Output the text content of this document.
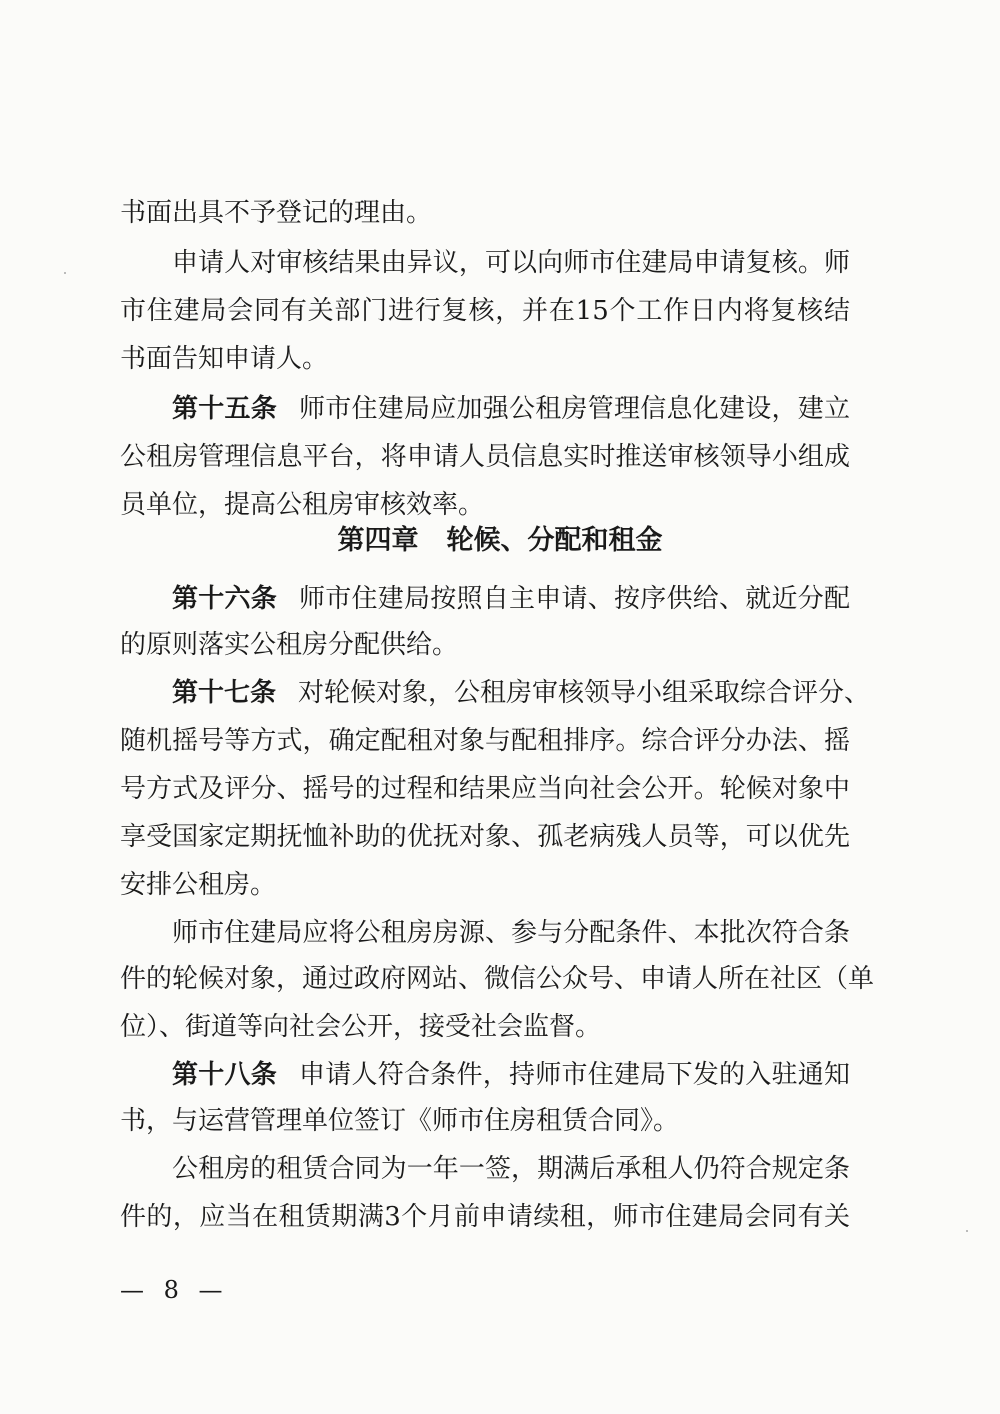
书面出具不予登记的理由。
申请人对审核结果由异议，可以向师市住建局申请复核。师
市住建局会同有关部门进行复核，并在15个工作日内将复核结
书面告知申请人。
第十五条 师市住建局应加强公租房管理信息化建设，建立
公租房管理信息平台，将申请人员信息实时推送审核领导小组成
员单位，提高公租房审核效率。
第四章 轮候、分配和租金
第十六条 师市住建局按照自主申请、按序供给、就近分配
的原则落实公租房分配供给。
第十七条 对轮候对象，公租房审核领导小组采取综合评分、
随机摇号等方式，确定配租对象与配租排序。综合评分办法、摇
号方式及评分、摇号的过程和结果应当向社会公开。轮候对象中
享受国家定期抚恤补助的优抚对象、孤老病残人员等，可以优先
安排公租房。
师市住建局应将公租房房源、参与分配条件、本批次符合条
件的轮候对象，通过政府网站、微信公众号、申请人所在社区（单
位）、街道等向社会公开，接受社会监督。
第十八条 申请人符合条件，持师市住建局下发的入驻通知
书，与运营管理单位签订《师市住房租赁合同》。
公租房的租赁合同为一年一签，期满后承租人仍符合规定条
件的，应当在租赁期满3个月前申请续租，师市住建局会同有关
— 8 —
